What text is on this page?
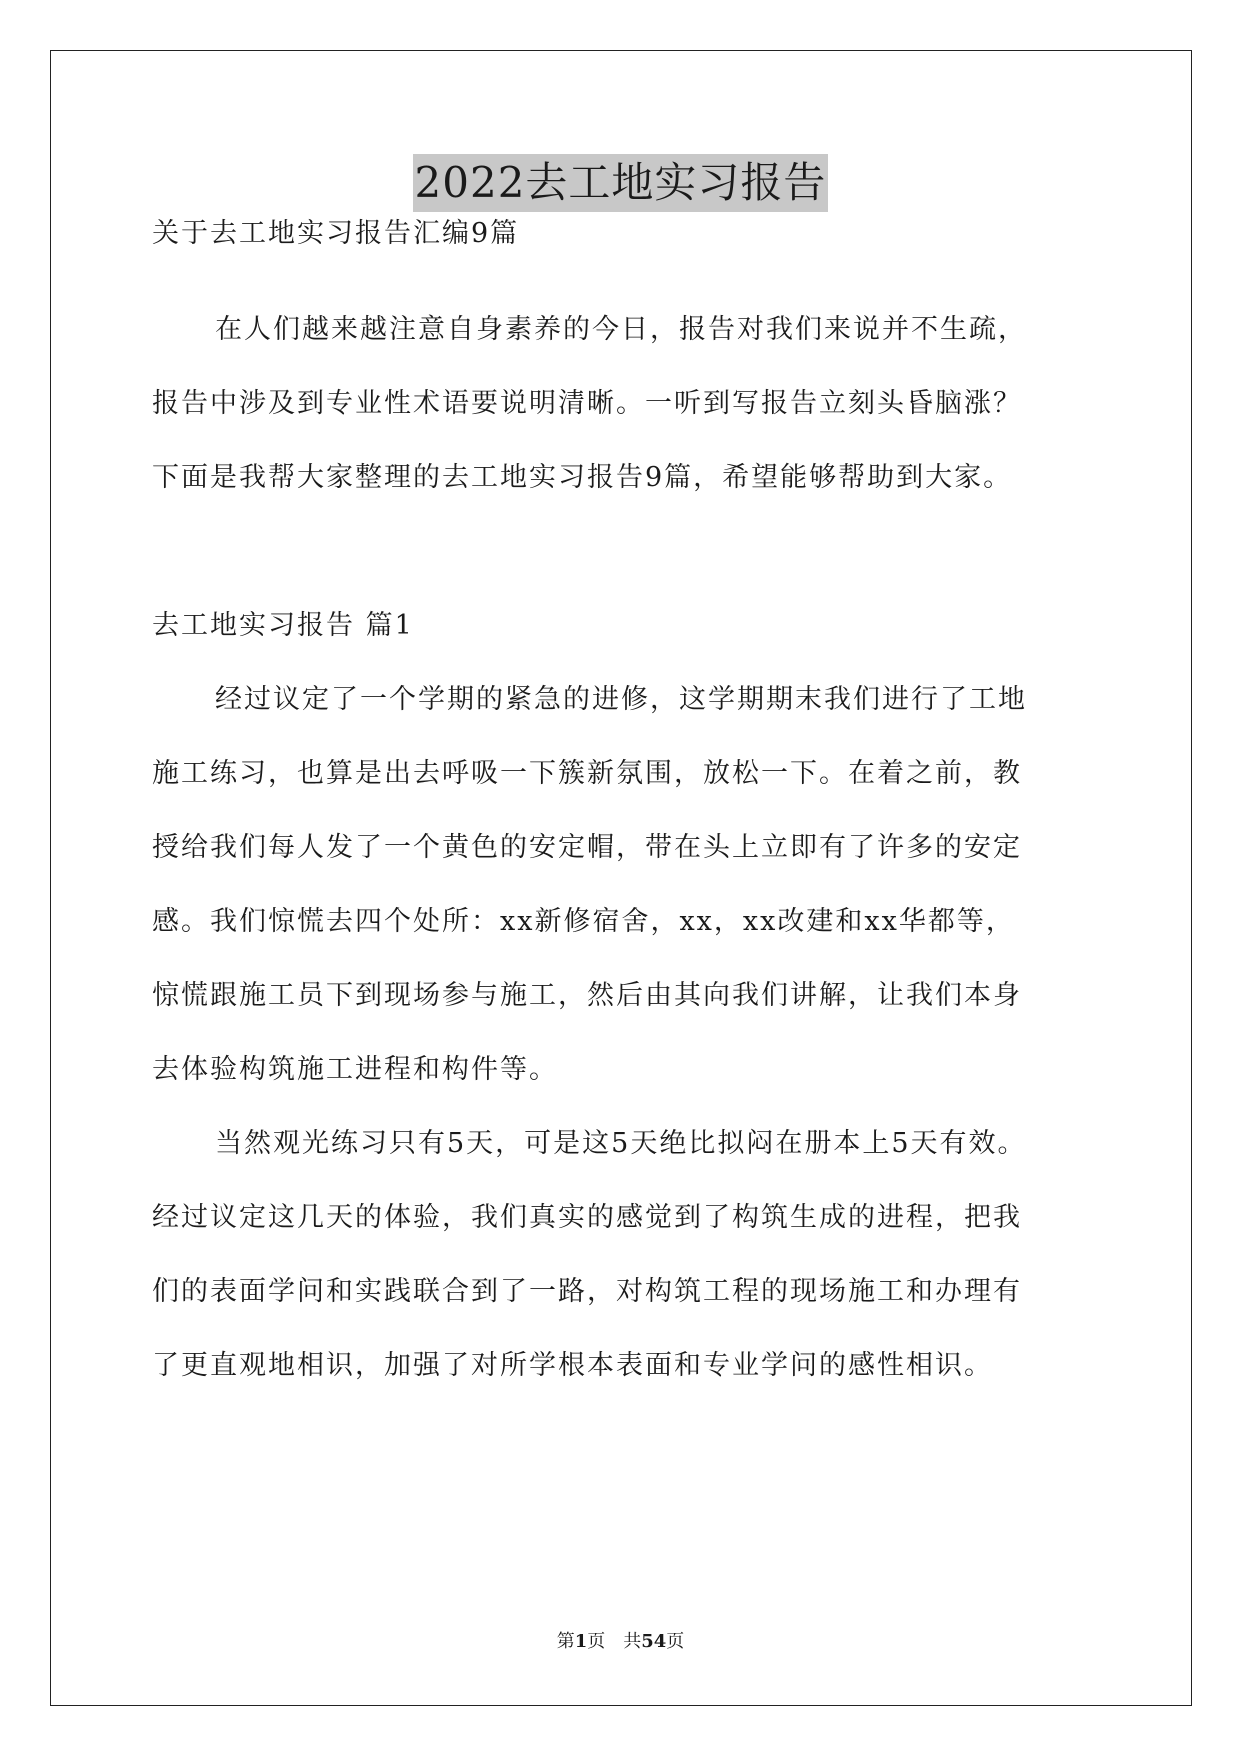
2022去工地实习报告
关于去工地实习报告汇编9篇
在人们越来越注意自身素养的今日，报告对我们来说并不生疏，
报告中涉及到专业性术语要说明清晰。一听到写报告立刻头昏脑涨？
下面是我帮大家整理的去工地实习报告9篇，希望能够帮助到大家。
去工地实习报告 篇1
经过议定了一个学期的紧急的进修，这学期期末我们进行了工地
施工练习，也算是出去呼吸一下簇新氛围，放松一下。在着之前，教
授给我们每人发了一个黄色的安定帽，带在头上立即有了许多的安定
感。我们惊慌去四个处所：xx新修宿舍，xx，xx改建和xx华都等，
惊慌跟施工员下到现场参与施工，然后由其向我们讲解，让我们本身
去体验构筑施工进程和构件等。
当然观光练习只有5天，可是这5天绝比拟闷在册本上5天有效。
经过议定这几天的体验，我们真实的感觉到了构筑生成的进程，把我
们的表面学问和实践联合到了一路，对构筑工程的现场施工和办理有
了更直观地相识，加强了对所学根本表面和专业学问的感性相识。
第1页　共54页
